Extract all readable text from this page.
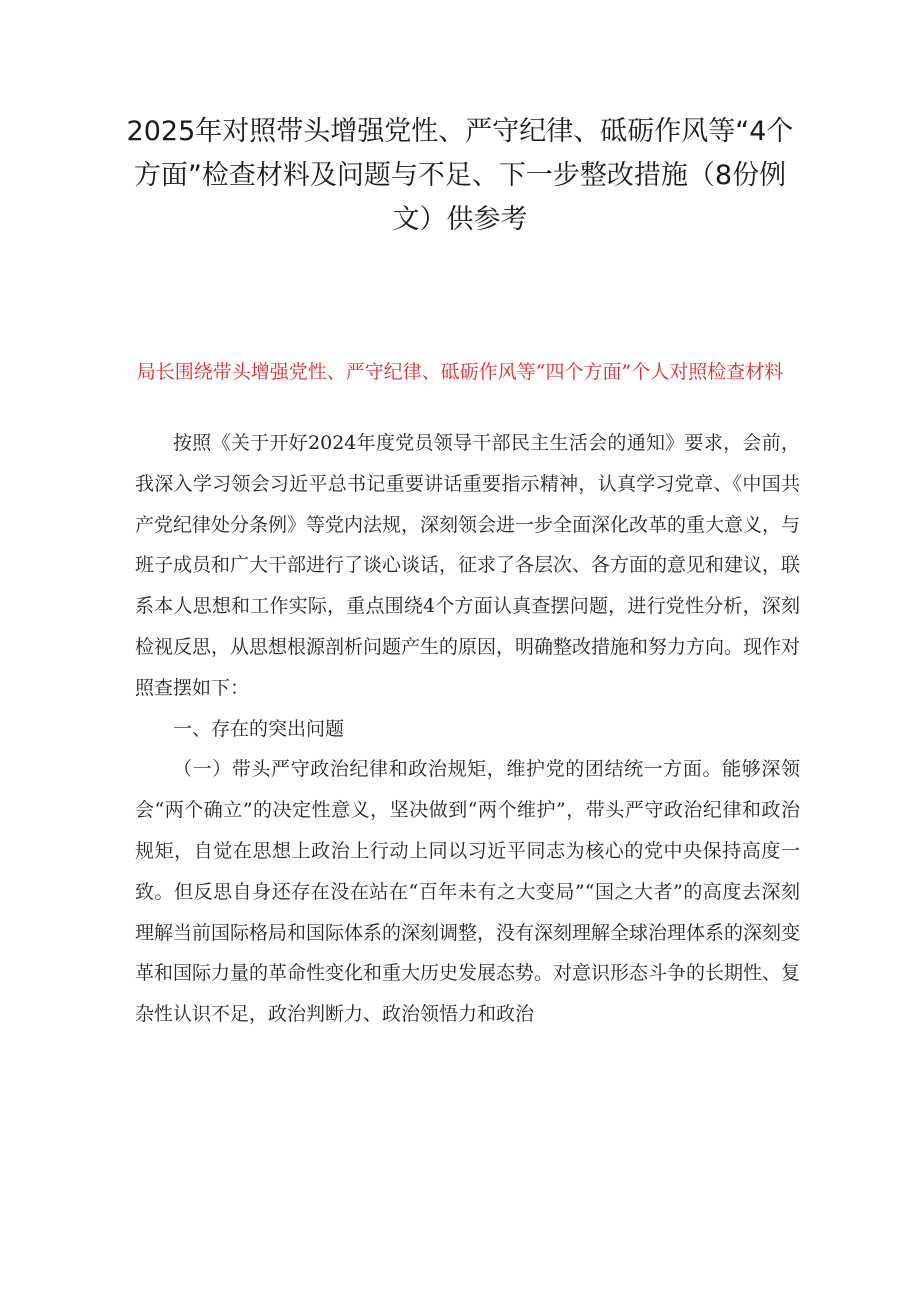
2025年对照带头增强党性、严守纪律、砥砺作风等“4个方面”检查材料及问题与不足、下一步整改措施（8份例文）供参考
局长围绕带头增强党性、严守纪律、砥砺作风等“四个方面”个人对照检查材料

按照《关于开好2024年度党员领导干部民主生活会的通知》要求，会前，我深入学习领会习近平总书记重要讲话重要指示精神，认真学习党章、《中国共产党纪律处分条例》等党内法规，深刻领会进一步全面深化改革的重大意义，与班子成员和广大干部进行了谈心谈话，征求了各层次、各方面的意见和建议，联系本人思想和工作实际，重点围绕4个方面认真查摆问题，进行党性分析，深刻检视反思，从思想根源剖析问题产生的原因，明确整改措施和努力方向。现作对照查摆如下：

一、存在的突出问题

（一）带头严守政治纪律和政治规矩，维护党的团结统一方面。能够深领会“两个确立”的决定性意义，坚决做到“两个维护”，带头严守政治纪律和政治规矩，自觉在思想上政治上行动上同以习近平同志为核心的党中央保持高度一致。但反思自身还存在没在站在“百年未有之大变局”“国之大者”的高度去深刻理解当前国际格局和国际体系的深刻调整，没有深刻理解全球治理体系的深刻变革和国际力量的革命性变化和重大历史发展态势。对意识形态斗争的长期性、复杂性认识不足，政治判断力、政治领悟力和政治
